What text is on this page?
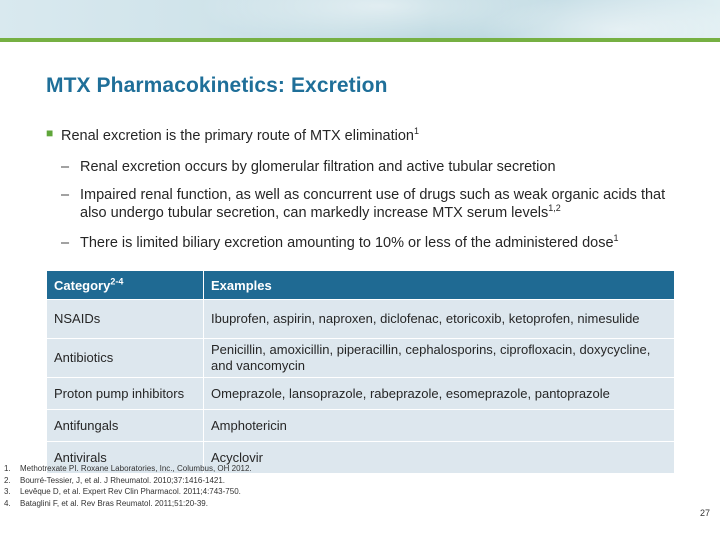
MTX Pharmacokinetics: Excretion
■ Renal excretion is the primary route of MTX elimination$^1$
– Renal excretion occurs by glomerular filtration and active tubular secretion
– Impaired renal function, as well as concurrent use of drugs such as weak organic acids that also undergo tubular secretion, can markedly increase MTX serum levels$^{1,2}$
– There is limited biliary excretion amounting to 10% or less of the administered dose$^1$
Category$^{2-4}$	Examples
NSAIDs	Ibuprofen, aspirin, naproxen, diclofenac, etoricoxib, ketoprofen, nimesulide
Antibiotics	Penicillin, amoxicillin, piperacillin, cephalosporins, ciprofloxacin, doxycycline, and vancomycin
Proton pump inhibitors	Omeprazole, lansoprazole, rabeprazole, esomeprazole, pantoprazole
Antifungals	Amphotericin
Antivirals	Acyclovir
1. Methotrexate PI. Roxane Laboratories, Inc., Columbus, OH 2012.
2. Bourré-Tessier, J, et al. J Rheumatol. 2010;37:1416-1421.
3. Levêque D, et al. Expert Rev Clin Pharmacol. 2011;4:743-750.
4. Bataglini F, et al. Rev Bras Reumatol. 2011;51:20-39.
27
